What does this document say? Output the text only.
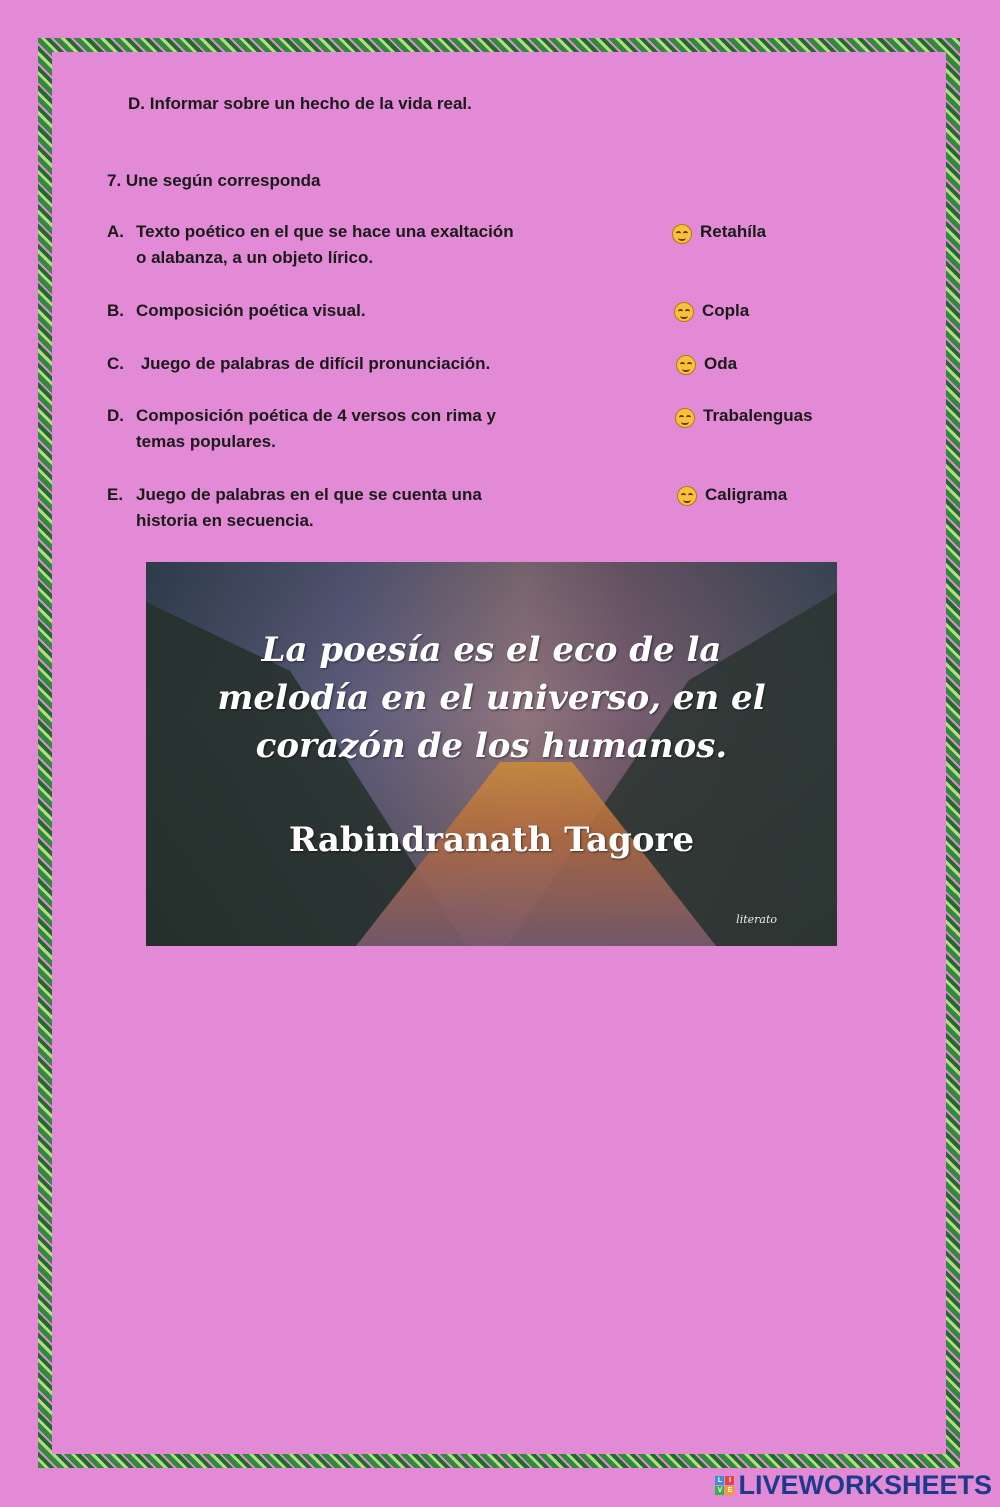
D. Informar sobre un hecho de la vida real.
7. Une según corresponda
A. Texto poético en el que se hace una exaltación
o alabanza, a un objeto lírico.
B. Composición poética visual.
C. Juego de palabras de difícil pronunciación.
D. Composición poética de 4 versos con rima y
temas populares.
E. Juego de palabras en el que se cuenta una
historia en secuencia.
Retahíla
Copla
Oda
Trabalenguas
Caligrama
La poesía es el eco de la
melodía en el universo, en el
corazón de los humanos.
Rabindranath Tagore
literato
L I
V E LIVEWORKSHEETS
